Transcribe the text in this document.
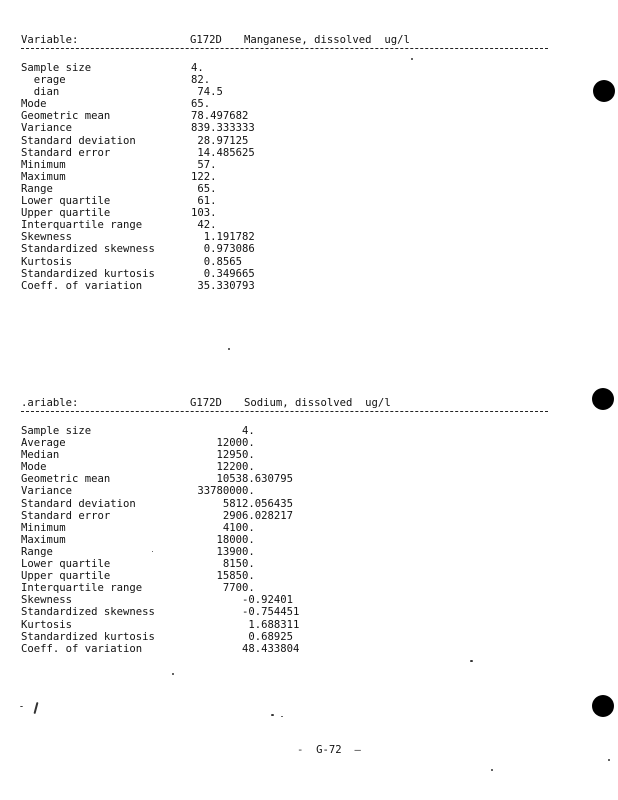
Variable:

	G172D

Manganese, dissolved  ug/l

Sample size	4.
erage	82.
dian	74.5
Mode	65.
Geometric mean	78.497682
Variance	839.333333
Standard deviation	28.97125
Standard error	14.485625
Minimum	57.
Maximum	122.
Range	65.
Lower quartile	61.
Upper quartile	103.
Interquartile range	42.
Skewness	1.191782
Standardized skewness	0.973086
Kurtosis	0.8565
Standardized kurtosis	0.349665
Coeff. of variation	35.330793

.ariable:

	G172D

Sodium, dissolved  ug/l

Sample size	4.
Average	12000.
Median	12950.
Mode	12200.
Geometric mean	10538.630795
Variance	33780000.
Standard deviation	5812.056435
Standard error	2906.028217
Minimum	4100.
Maximum	18000.
Range	13900.
Lower quartile	8150.
Upper quartile	15850.
Interquartile range	7700.
Skewness	-0.92401
Standardized skewness	-0.754451
Kurtosis	1.688311
Standardized kurtosis	0.68925
Coeff. of variation	48.433804
- G-72 —
